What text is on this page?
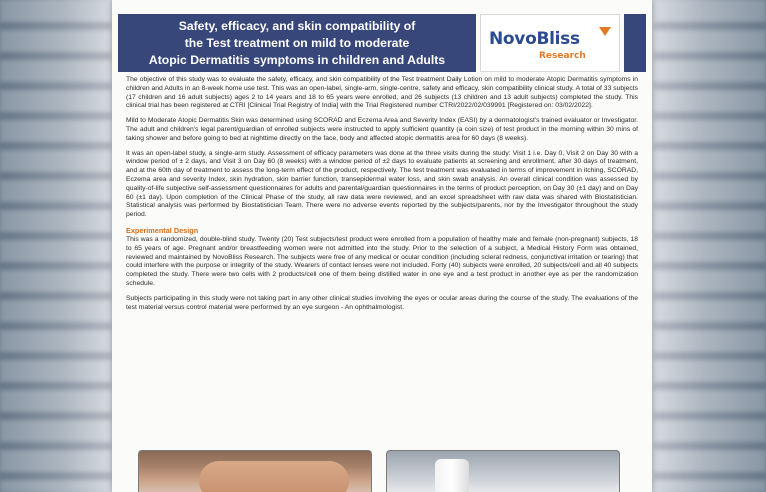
Safety, efficacy, and skin compatibility of
the Test treatment on mild to moderate
Atopic Dermatitis symptoms in children and Adults
NovoBliss
Research

The objective of this study was to evaluate the safety, efficacy, and skin compatibility of the Test treatment Daily Lotion on mild to moderate Atopic Dermatitis symptoms in children and Adults in an 8-week home use test. This was an open-label, single-arm, single-centre, safety and efficacy, skin compatibility clinical study. A total of 33 subjects (17 children and 16 adult subjects) ages 2 to 14 years and 18 to 65 years were enrolled, and 26 subjects (13 children and 13 adult subjects) completed the study. This clinical trial has been registered at CTRI [Clinical Trial Registry of India] with the Trial Registered number CTRI/2022/02/039991 [Registered on: 03/02/2022].

Mild to Moderate Atopic Dermatitis Skin was determined using SCORAD and Eczema Area and Severity Index (EASI) by a dermatologist's trained evaluator or Investigator. The adult and children's legal parent/guardian of enrolled subjects were instructed to apply sufficient quantity (a coin size) of test product in the morning within 30 mins of taking shower and before going to bed at nighttime directly on the face, body and affected atopic dermatitis area for 60 days (8 weeks).

It was an open-label study, a single-arm study. Assessment of efficacy parameters was done at the three visits during the study: Visit 1 i.e. Day 0, Visit 2 on Day 30 with a window period of ± 2 days, and Visit 3 on Day 60 (8 weeks) with a window period of ±2 days to evaluate patients at screening and enrollment, after 30 days of treatment, and at the 60th day of treatment to assess the long-term effect of the product, respectively. The test treatment was evaluated in terms of improvement in itching, SCORAD, Eczema area and severity Index, skin hydration, skin barrier function, transepidermal water loss, and skin swab analysis. An overall clinical condition was assessed by quality-of-life subjective self-assessment questionnaires for adults and parental/guardian questionnaires in the terms of product perception, on Day 30 (±1 day) and on Day 60 (±1 day). Upon completion of the Clinical Phase of the study, all raw data were reviewed, and an excel spreadsheet with raw data was shared with Biostatistician. Statistical analysis was performed by Biostatistician Team. There were no adverse events reported by the subjects/parents, nor by the Investigator throughout the study period.

Experimental Design

This was a randomized, double-blind study. Twenty (20) Test subjects/test product were enrolled from a population of healthy male and female (non-pregnant) subjects, 18 to 65 years of age. Pregnant and/or breastfeeding women were not admitted into the study. Prior to the selection of a subject, a Medical History Form was obtained, reviewed and maintained by NovoBliss Research. The subjects were free of any medical or ocular condition (including scleral redness, conjunctival irritation or tearing) that could interfere with the purpose or integrity of the study. Wearers of contact lenses were not included. Forty (40) subjects were enrolled, 20 subjects/cell and all 40 subjects completed the study. There were two cells with 2 products/cell one of them being distilled water in one eye and a test product in another eye as per the randomization schedule.

Subjects participating in this study were not taking part in any other clinical studies involving the eyes or ocular areas during the course of the study. The evaluations of the test material versus control material were performed by an eye surgeon - An ophthalmologist.
